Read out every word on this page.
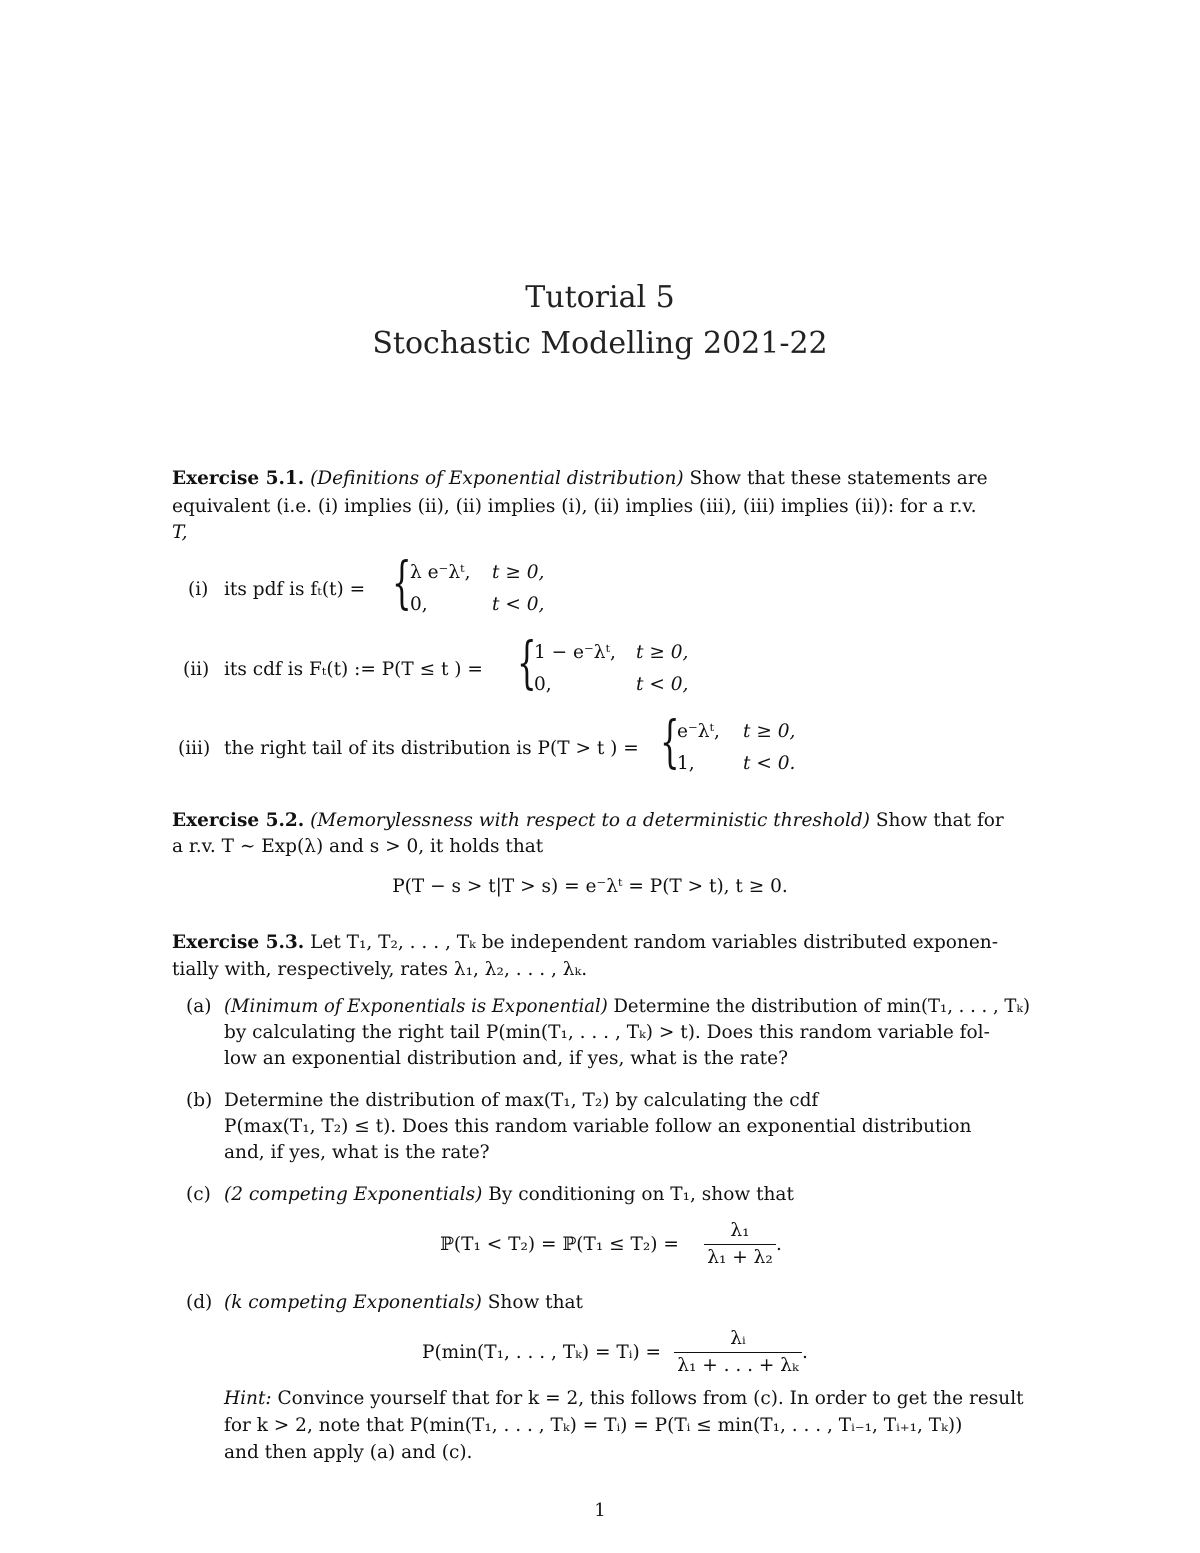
Tutorial 5
Stochastic Modelling 2021-22
Exercise 5.1. (Definitions of Exponential distribution) Show that these statements are
equivalent (i.e. (i) implies (ii), (ii) implies (i), (ii) implies (iii), (iii) implies (ii)): for a r.v.
T,
(i) its pdf is fₜ(t) = {
λ e⁻λᵗ, t ≥ 0,
0,	t < 0,
(ii) its cdf is Fₜ(t) := P(T ≤ t ) = {
1 − e⁻λᵗ, t ≥ 0,
0,	t < 0,
(iii) the right tail of its distribution is P(T > t ) = {
e⁻λᵗ, t ≥ 0,
1,	t < 0.
Exercise 5.2. (Memorylessness with respect to a deterministic threshold) Show that for
a r.v. T ∼ Exp(λ) and s > 0, it holds that
P(T − s > t|T > s) = e⁻λᵗ = P(T > t), t ≥ 0.
Exercise 5.3. Let T₁, T₂, . . . , Tₖ be independent random variables distributed exponen-
tially with, respectively, rates λ₁, λ₂, . . . , λₖ.
(a) (Minimum of Exponentials is Exponential) Determine the distribution of min(T₁, . . . , Tₖ)
by calculating the right tail P(min(T₁, . . . , Tₖ) > t). Does this random variable fol-
low an exponential distribution and, if yes, what is the rate?
(b) Determine the distribution of max(T₁, T₂) by calculating the cdf
P(max(T₁, T₂) ≤ t). Does this random variable follow an exponential distribution
and, if yes, what is the rate?
(c) (2 competing Exponentials) By conditioning on T₁, show that
ℙ(T₁ < T₂) = ℙ(T₁ ≤ T₂) =
λ₁
λ₁ + λ₂
.
(d) (k competing Exponentials) Show that
P(min(T₁, . . . , Tₖ) = Tᵢ) =
λᵢ
λ₁ + . . . + λₖ
.
Hint: Convince yourself that for k = 2, this follows from (c). In order to get the result
for k > 2, note that P(min(T₁, . . . , Tₖ) = Tᵢ) = P(Tᵢ ≤ min(T₁, . . . , Tᵢ₋₁, Tᵢ₊₁, Tₖ))
and then apply (a) and (c).
1
